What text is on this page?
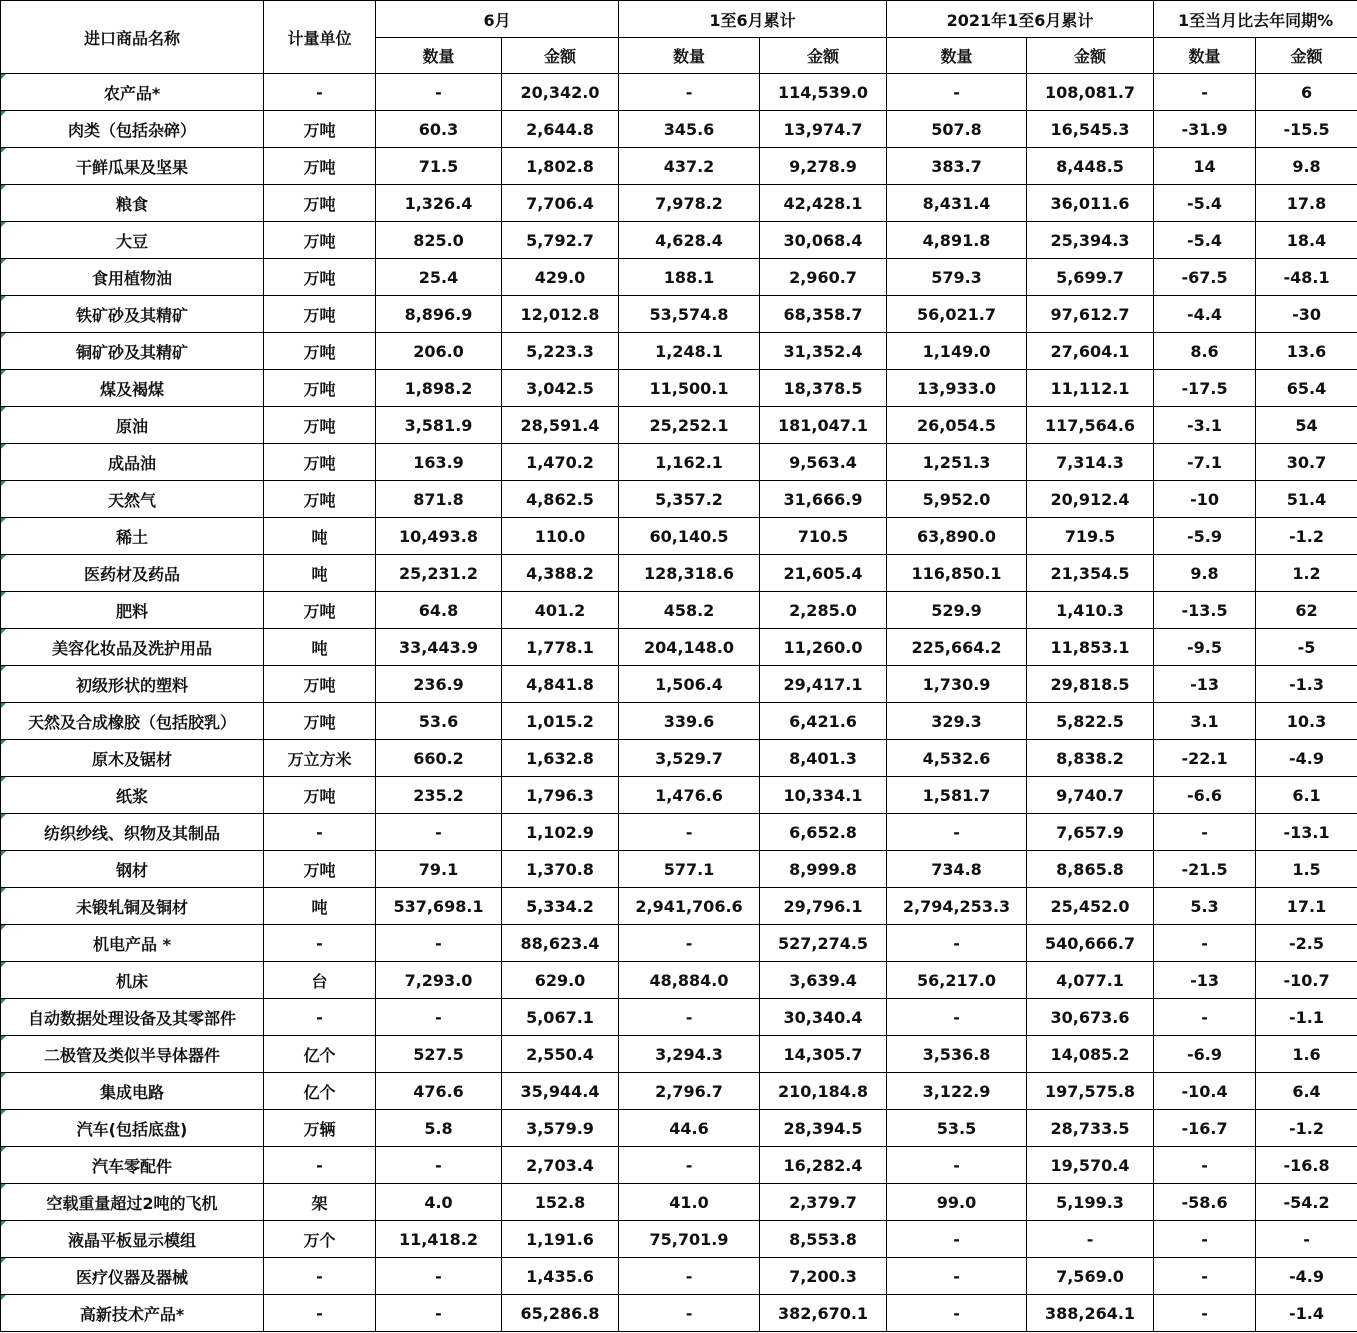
进口商品名称	计量单位	6月		1至6月累计		2021年1至6月累计		1至当月比去年同期%	
		数量	金额	数量	金额	数量	金额	数量	金额
农产品*	-	-	20,342.0	-	114,539.0	-	108,081.7	-	6
肉类（包括杂碎）	万吨	60.3	2,644.8	345.6	13,974.7	507.8	16,545.3	-31.9	-15.5
干鲜瓜果及坚果	万吨	71.5	1,802.8	437.2	9,278.9	383.7	8,448.5	14	9.8
粮食	万吨	1,326.4	7,706.4	7,978.2	42,428.1	8,431.4	36,011.6	-5.4	17.8
大豆	万吨	825.0	5,792.7	4,628.4	30,068.4	4,891.8	25,394.3	-5.4	18.4
食用植物油	万吨	25.4	429.0	188.1	2,960.7	579.3	5,699.7	-67.5	-48.1
铁矿砂及其精矿	万吨	8,896.9	12,012.8	53,574.8	68,358.7	56,021.7	97,612.7	-4.4	-30
铜矿砂及其精矿	万吨	206.0	5,223.3	1,248.1	31,352.4	1,149.0	27,604.1	8.6	13.6
煤及褐煤	万吨	1,898.2	3,042.5	11,500.1	18,378.5	13,933.0	11,112.1	-17.5	65.4
原油	万吨	3,581.9	28,591.4	25,252.1	181,047.1	26,054.5	117,564.6	-3.1	54
成品油	万吨	163.9	1,470.2	1,162.1	9,563.4	1,251.3	7,314.3	-7.1	30.7
天然气	万吨	871.8	4,862.5	5,357.2	31,666.9	5,952.0	20,912.4	-10	51.4
稀土	吨	10,493.8	110.0	60,140.5	710.5	63,890.0	719.5	-5.9	-1.2
医药材及药品	吨	25,231.2	4,388.2	128,318.6	21,605.4	116,850.1	21,354.5	9.8	1.2
肥料	万吨	64.8	401.2	458.2	2,285.0	529.9	1,410.3	-13.5	62
美容化妆品及洗护用品	吨	33,443.9	1,778.1	204,148.0	11,260.0	225,664.2	11,853.1	-9.5	-5
初级形状的塑料	万吨	236.9	4,841.8	1,506.4	29,417.1	1,730.9	29,818.5	-13	-1.3
天然及合成橡胶（包括胶乳）	万吨	53.6	1,015.2	339.6	6,421.6	329.3	5,822.5	3.1	10.3
原木及锯材	万立方米	660.2	1,632.8	3,529.7	8,401.3	4,532.6	8,838.2	-22.1	-4.9
纸浆	万吨	235.2	1,796.3	1,476.6	10,334.1	1,581.7	9,740.7	-6.6	6.1
纺织纱线、织物及其制品	-	-	1,102.9	-	6,652.8	-	7,657.9	-	-13.1
钢材	万吨	79.1	1,370.8	577.1	8,999.8	734.8	8,865.8	-21.5	1.5
未锻轧铜及铜材	吨	537,698.1	5,334.2	2,941,706.6	29,796.1	2,794,253.3	25,452.0	5.3	17.1
机电产品 *	-	-	88,623.4	-	527,274.5	-	540,666.7	-	-2.5
机床	台	7,293.0	629.0	48,884.0	3,639.4	56,217.0	4,077.1	-13	-10.7
自动数据处理设备及其零部件	-	-	5,067.1	-	30,340.4	-	30,673.6	-	-1.1
二极管及类似半导体器件	亿个	527.5	2,550.4	3,294.3	14,305.7	3,536.8	14,085.2	-6.9	1.6
集成电路	亿个	476.6	35,944.4	2,796.7	210,184.8	3,122.9	197,575.8	-10.4	6.4
汽车(包括底盘)	万辆	5.8	3,579.9	44.6	28,394.5	53.5	28,733.5	-16.7	-1.2
汽车零配件	-	-	2,703.4	-	16,282.4	-	19,570.4	-	-16.8
空载重量超过2吨的飞机	架	4.0	152.8	41.0	2,379.7	99.0	5,199.3	-58.6	-54.2
液晶平板显示模组	万个	11,418.2	1,191.6	75,701.9	8,553.8	-	-	-	-
医疗仪器及器械	-	-	1,435.6	-	7,200.3	-	7,569.0	-	-4.9
高新技术产品*	-	-	65,286.8	-	382,670.1	-	388,264.1	-	-1.4
